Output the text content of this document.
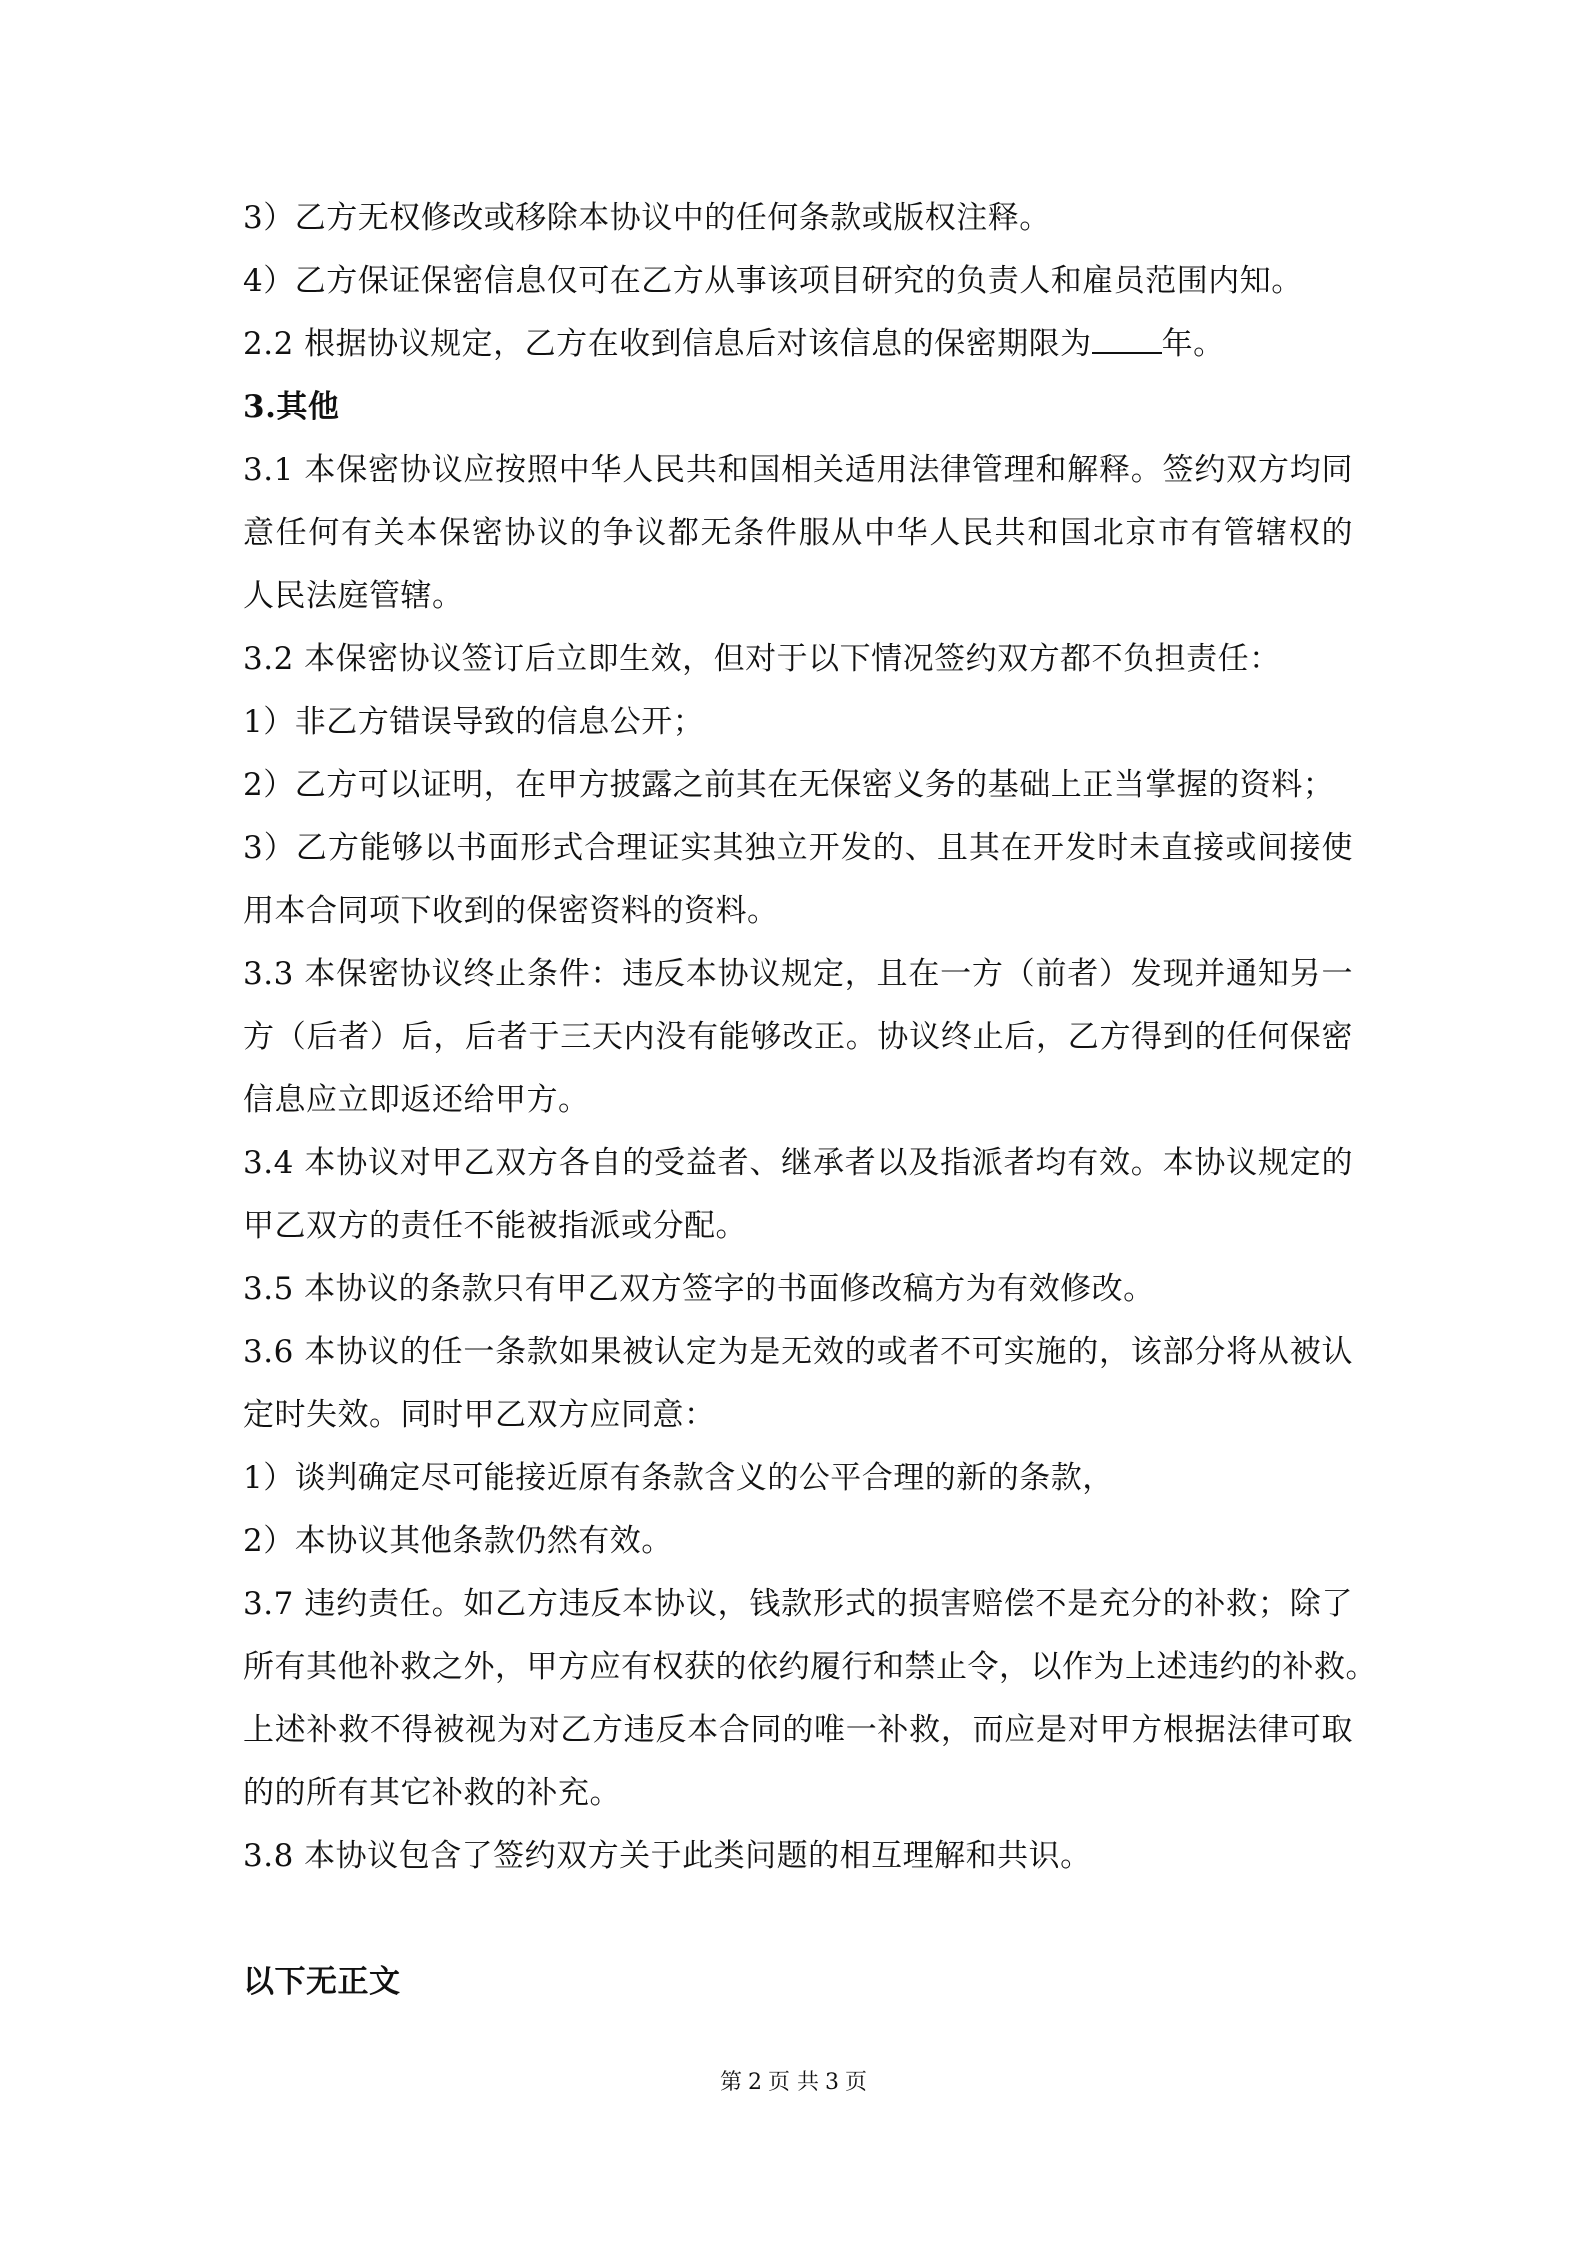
3）乙方无权修改或移除本协议中的任何条款或版权注释。
4）乙方保证保密信息仅可在乙方从事该项目研究的负责人和雇员范围内知。
2.2 根据协议规定，乙方在收到信息后对该信息的保密期限为 年。
3.其他
3.1 本保密协议应按照中华人民共和国相关适用法律管理和解释。签约双方均同
意任何有关本保密协议的争议都无条件服从中华人民共和国北京市有管辖权的
人民法庭管辖。
3.2 本保密协议签订后立即生效，但对于以下情况签约双方都不负担责任：
1）非乙方错误导致的信息公开；
2）乙方可以证明，在甲方披露之前其在无保密义务的基础上正当掌握的资料；
3）乙方能够以书面形式合理证实其独立开发的、且其在开发时未直接或间接使
用本合同项下收到的保密资料的资料。
3.3 本保密协议终止条件：违反本协议规定，且在一方（前者）发现并通知另一
方（后者）后，后者于三天内没有能够改正。协议终止后，乙方得到的任何保密
信息应立即返还给甲方。
3.4 本协议对甲乙双方各自的受益者、继承者以及指派者均有效。本协议规定的
甲乙双方的责任不能被指派或分配。
3.5 本协议的条款只有甲乙双方签字的书面修改稿方为有效修改。
3.6 本协议的任一条款如果被认定为是无效的或者不可实施的，该部分将从被认
定时失效。同时甲乙双方应同意：
1）谈判确定尽可能接近原有条款含义的公平合理的新的条款，
2）本协议其他条款仍然有效。
3.7 违约责任。如乙方违反本协议，钱款形式的损害赔偿不是充分的补救；除了
所有其他补救之外，甲方应有权获的依约履行和禁止令，以作为上述违约的补救。
上述补救不得被视为对乙方违反本合同的唯一补救，而应是对甲方根据法律可取
的的所有其它补救的补充。
3.8 本协议包含了签约双方关于此类问题的相互理解和共识。
以下无正文
第 2 页 共 3 页
